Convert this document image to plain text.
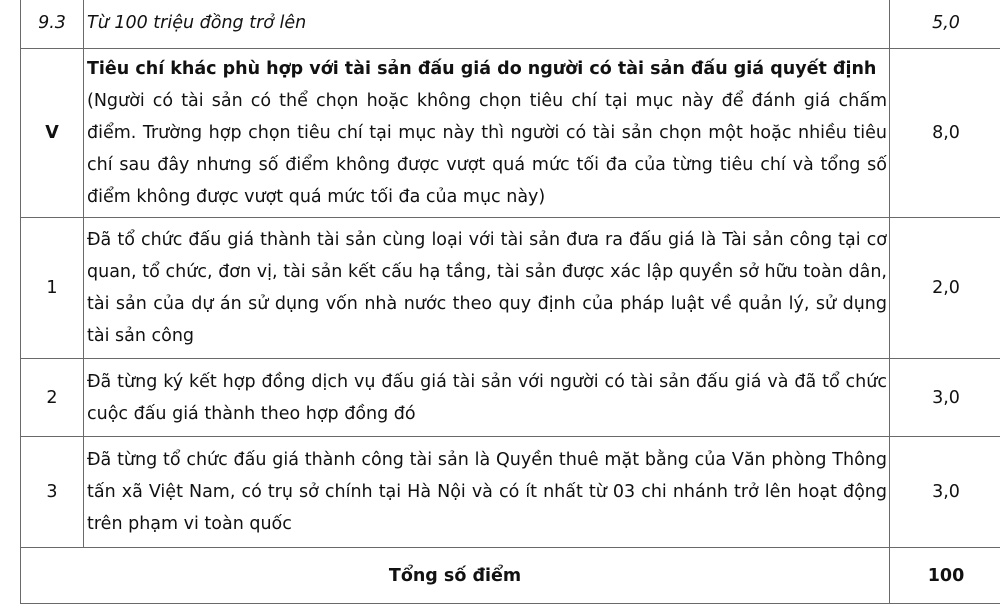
9.3	Từ 100 triệu đồng trở lên	5,0
V	Tiêu chí khác phù hợp với tài sản đấu giá do người có tài sản đấu giá quyết định
(Người có tài sản có thể chọn hoặc không chọn tiêu chí tại mục này để đánh giá chấm điểm. Trường hợp chọn tiêu chí tại mục này thì người có tài sản chọn một hoặc nhiều tiêu chí sau đây nhưng số điểm không được vượt quá mức tối đa của từng tiêu chí và tổng số điểm không được vượt quá mức tối đa của mục này)	8,0
1	Đã tổ chức đấu giá thành tài sản cùng loại với tài sản đưa ra đấu giá là Tài sản công tại cơ quan, tổ chức, đơn vị, tài sản kết cấu hạ tầng, tài sản được xác lập quyền sở hữu toàn dân, tài sản của dự án sử dụng vốn nhà nước theo quy định của pháp luật về quản lý, sử dụng tài sản công	2,0
2	Đã từng ký kết hợp đồng dịch vụ đấu giá tài sản với người có tài sản đấu giá và đã tổ chức cuộc đấu giá thành theo hợp đồng đó	3,0
3	Đã từng tổ chức đấu giá thành công tài sản là Quyền thuê mặt bằng của Văn phòng Thông tấn xã Việt Nam, có trụ sở chính tại Hà Nội và có ít nhất từ 03 chi nhánh trở lên hoạt động trên phạm vi toàn quốc	3,0
Tổng số điểm		100
